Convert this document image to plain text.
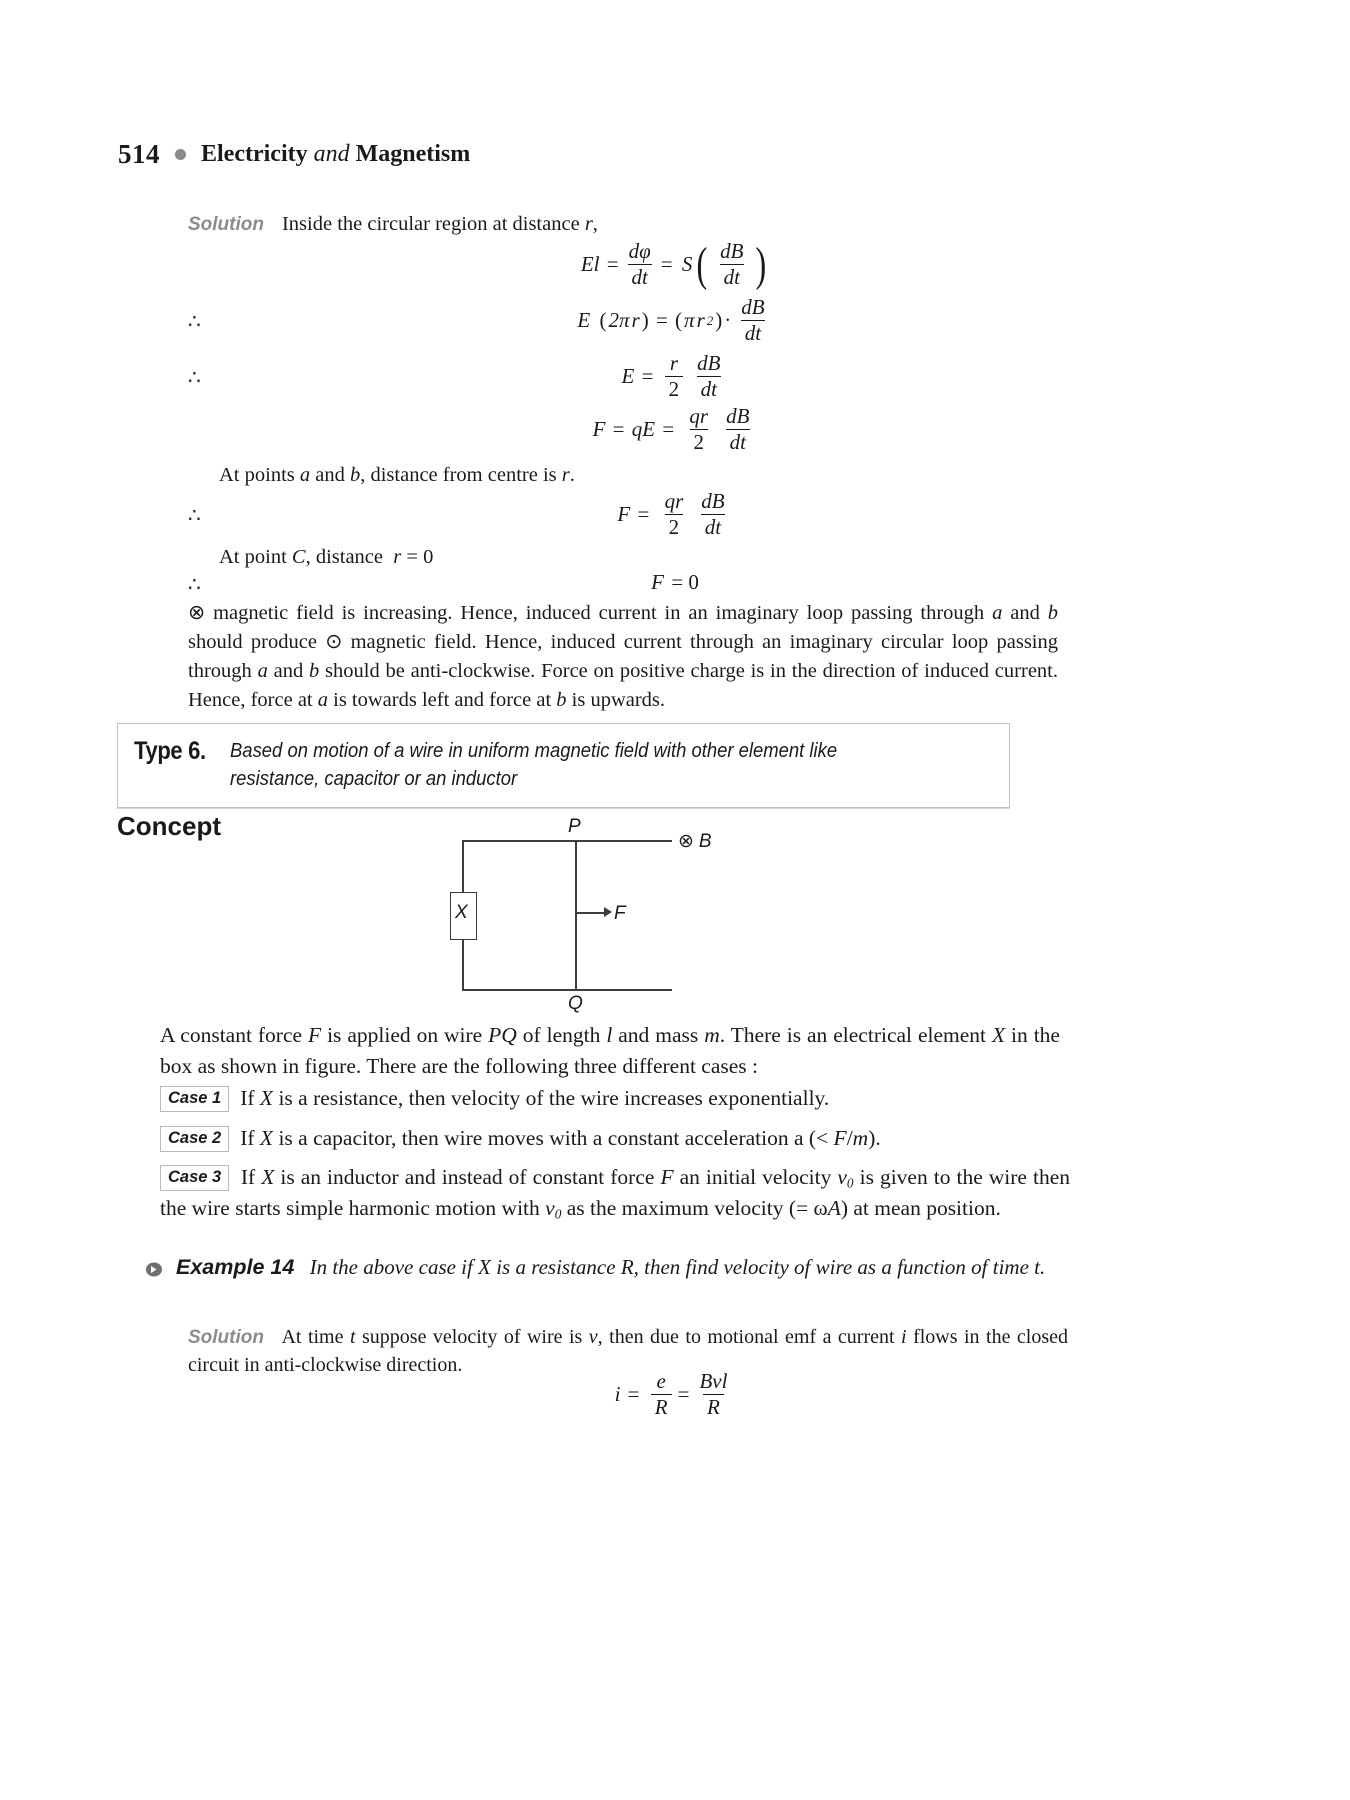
514 Electricity and Magnetism
Solution Inside the circular region at distance r,
$El = \frac{d\varphi}{dt}$ =
S ( $\frac{dB}{dt}$ )
∴	E
( 2π r ) = ( π r 2 ) · $\frac{dB}{dt}$
∴	$E = \frac{r}{2} \frac{dB}{dt}$
F = qE = $\frac{qr}{2} \frac{dB}{dt}$
At points a and b, distance from centre is r.
∴	$F = \frac{qr}{2} \frac{dB}{dt}$
At point C, distance  r = 0
∴	F = 0
⊗ magnetic field is increasing. Hence, induced current in an imaginary loop passing through a and b should produce ⊙ magnetic field. Hence, induced current through an imaginary circular loop passing through a and b should be anti-clockwise. Force on positive charge is in the direction of induced current. Hence, force at a is towards left and force at b is upwards.
Type 6. Based on motion of a wire in uniform magnetic field with other element like resistance, capacitor or an inductor
Concept
X
P
Q
F
⊗ B
A constant force F is applied on wire PQ of length l and mass m. There is an electrical element X in the box as shown in figure. There are the following three different cases :
Case 1 If X is a resistance, then velocity of the wire increases exponentially.
Case 2 If X is a capacitor, then wire moves with a constant acceleration a (< F/m).
Case 3 If X is an inductor and instead of constant force F an initial velocity $v_0$ is given to the wire then the wire starts simple harmonic motion with $v_0$ as the maximum velocity (= ωA) at mean position.
Example 14 In the above case if X is a resistance R, then find velocity of wire as a function of time t.
Solution At time t suppose velocity of wire is v, then due to motional emf a current i flows in the closed circuit in anti-clockwise direction.
$i = \frac{e}{R} = \frac{\text{Bvl}}{R}$
